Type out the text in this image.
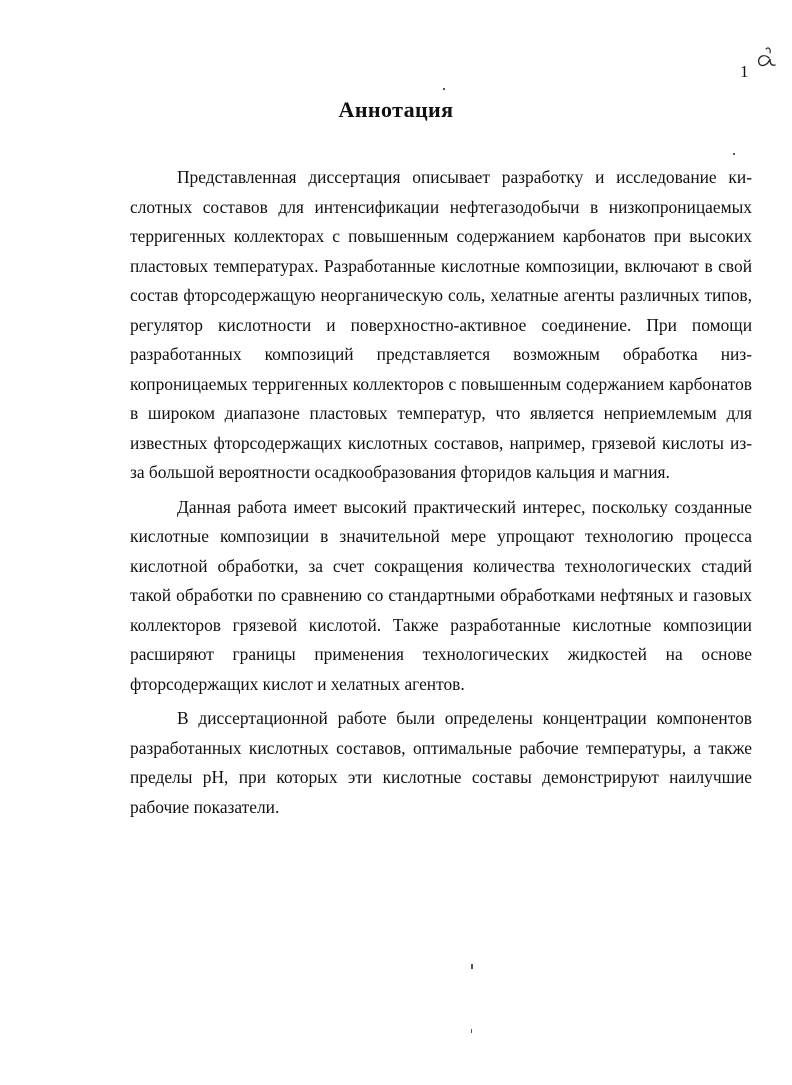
1
Аннотация

Представленная диссертация описывает разработку и исследование кислотных составов для интенсификации нефтегазодобычи в низкопроницаемых терригенных коллекторах с повышенным содержанием карбонатов при высоких пластовых температурах. Разработанные кислотные композиции, включают в свой состав фторсодержащую неорганическую соль, хелатные агенты различных типов, регулятор кислотности и поверхностно-активное соединение. При помощи разработанных композиций представляется возможным обработка низкопроницаемых терригенных коллекторов с повышенным содержанием карбонатов в широком диапазоне пластовых температур, что является неприемлемым для известных фторсодержащих кислотных составов, например, грязевой кислоты из-за большой вероятности осадкообразования фторидов кальция и магния.

Данная работа имеет высокий практический интерес, поскольку созданные кислотные композиции в значительной мере упрощают технологию процесса кислотной обработки, за счет сокращения количества технологических стадий такой обработки по сравнению со стандартными обработками нефтяных и газовых коллекторов грязевой кислотой. Также разработанные кислотные композиции расширяют границы применения технологических жидкостей на основе фторсодержащих кислот и хелатных агентов.

В диссертационной работе были определены концентрации компонентов разработанных кислотных составов, оптимальные рабочие температуры, а также пределы pH, при которых эти кислотные составы демонстрируют наилучшие рабочие показатели.
